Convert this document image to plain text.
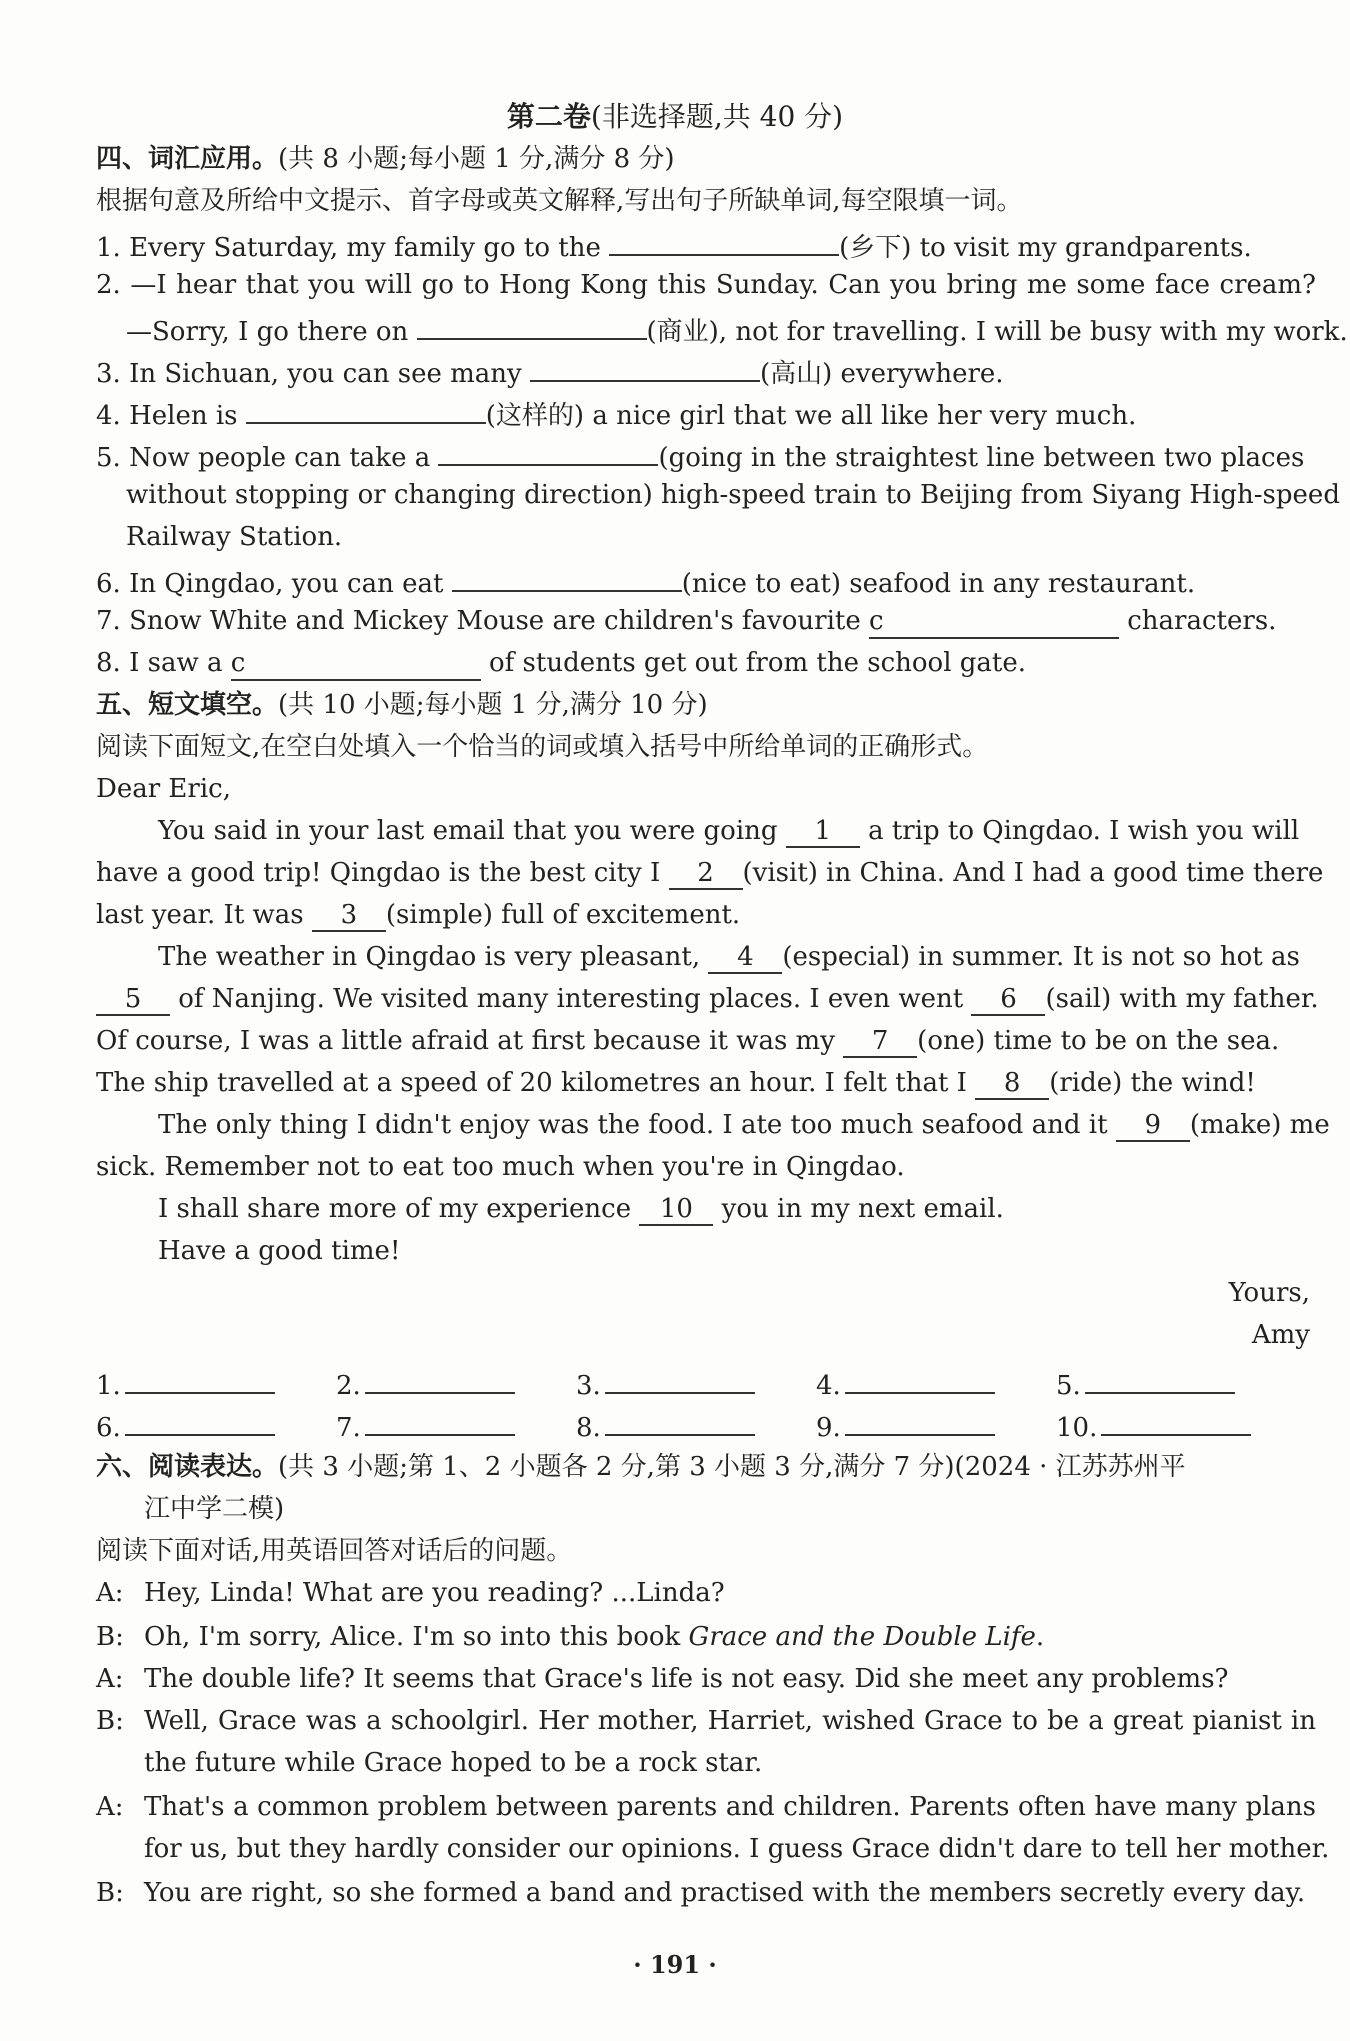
第二卷(非选择题,共 40 分)
四、词汇应用。(共 8 小题;每小题 1 分,满分 8 分)
根据句意及所给中文提示、首字母或英文解释,写出句子所缺单词,每空限填一词。
1. Every Saturday, my family go to the	(乡下) to visit my grandparents.
2. —I hear that you will go to Hong Kong this Sunday. Can you bring me some face cream?
—Sorry, I go there on	(商业), not for travelling. I will be busy with my work.
3. In Sichuan, you can see many	(高山) everywhere.
4. Helen is	(这样的) a nice girl that we all like her very much.
5. Now people can take a	(going in the straightest line between two places
without stopping or changing direction) high-speed train to Beijing from Siyang High-speed
Railway Station.
6. In Qingdao, you can eat	(nice to eat) seafood in any restaurant.
7. Snow White and Mickey Mouse are children's favourite c	characters.
8. I saw a c	of students get out from the school gate.
五、短文填空。(共 10 小题;每小题 1 分,满分 10 分)
阅读下面短文,在空白处填入一个恰当的词或填入括号中所给单词的正确形式。
Dear Eric,
You said in your last email that you were going 1 a trip to Qingdao. I wish you will
have a good trip! Qingdao is the best city I 2 (visit) in China. And I had a good time there
last year. It was 3 (simple) full of excitement.
The weather in Qingdao is very pleasant, 4 (especial) in summer. It is not so hot as
5 of Nanjing. We visited many interesting places. I even went 6 (sail) with my father.
Of course, I was a little afraid at first because it was my 7 (one) time to be on the sea.
The ship travelled at a speed of 20 kilometres an hour. I felt that I 8 (ride) the wind!
The only thing I didn't enjoy was the food. I ate too much seafood and it 9 (make) me
sick. Remember not to eat too much when you're in Qingdao.
I shall share more of my experience 10 you in my next email.
Have a good time!
Yours,
Amy
1.	2.	3.	4.	5.
6.	7.	8.	9.	10.
六、阅读表达。(共 3 小题;第 1、2 小题各 2 分,第 3 小题 3 分,满分 7 分)(2024 · 江苏苏州平
江中学二模)
阅读下面对话,用英语回答对话后的问题。
A: Hey, Linda! What are you reading? ...Linda?
B: Oh, I'm sorry, Alice. I'm so into this book Grace and the Double Life.
A: The double life? It seems that Grace's life is not easy. Did she meet any problems?
B: Well, Grace was a schoolgirl. Her mother, Harriet, wished Grace to be a great pianist in
the future while Grace hoped to be a rock star.
A: That's a common problem between parents and children. Parents often have many plans
for us, but they hardly consider our opinions. I guess Grace didn't dare to tell her mother.
B: You are right, so she formed a band and practised with the members secretly every day.
· 191 ·
